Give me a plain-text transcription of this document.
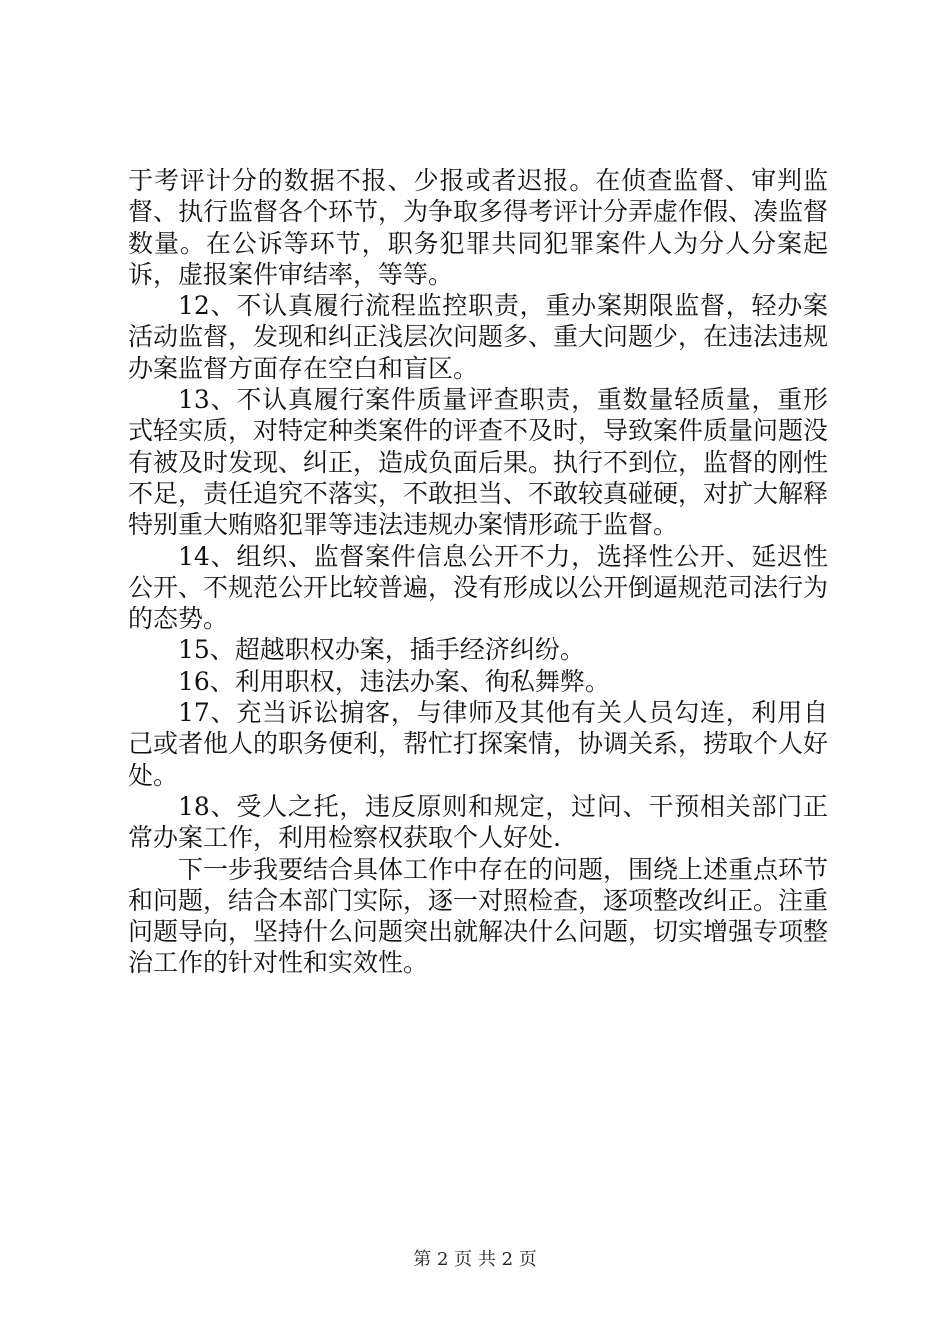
于考评计分的数据不报、少报或者迟报。在侦查监督、审判监督、执行监督各个环节，为争取多得考评计分弄虚作假、凑监督数量。在公诉等环节，职务犯罪共同犯罪案件人为分人分案起诉，虚报案件审结率，等等。

12、不认真履行流程监控职责，重办案期限监督，轻办案活动监督，发现和纠正浅层次问题多、重大问题少，在违法违规办案监督方面存在空白和盲区。

13、不认真履行案件质量评查职责，重数量轻质量，重形式轻实质，对特定种类案件的评查不及时，导致案件质量问题没有被及时发现、纠正，造成负面后果。执行不到位，监督的刚性不足，责任追究不落实，不敢担当、不敢较真碰硬，对扩大解释特别重大贿赂犯罪等违法违规办案情形疏于监督。

14、组织、监督案件信息公开不力，选择性公开、延迟性公开、不规范公开比较普遍，没有形成以公开倒逼规范司法行为的态势。

15、超越职权办案，插手经济纠纷。

16、利用职权，违法办案、徇私舞弊。

17、充当诉讼掮客，与律师及其他有关人员勾连，利用自己或者他人的职务便利，帮忙打探案情，协调关系，捞取个人好处。

18、受人之托，违反原则和规定，过问、干预相关部门正常办案工作，利用检察权获取个人好处.

下一步我要结合具体工作中存在的问题，围绕上述重点环节和问题，结合本部门实际，逐一对照检查，逐项整改纠正。注重问题导向，坚持什么问题突出就解决什么问题，切实增强专项整治工作的针对性和实效性。

第 2 页 共 2 页
